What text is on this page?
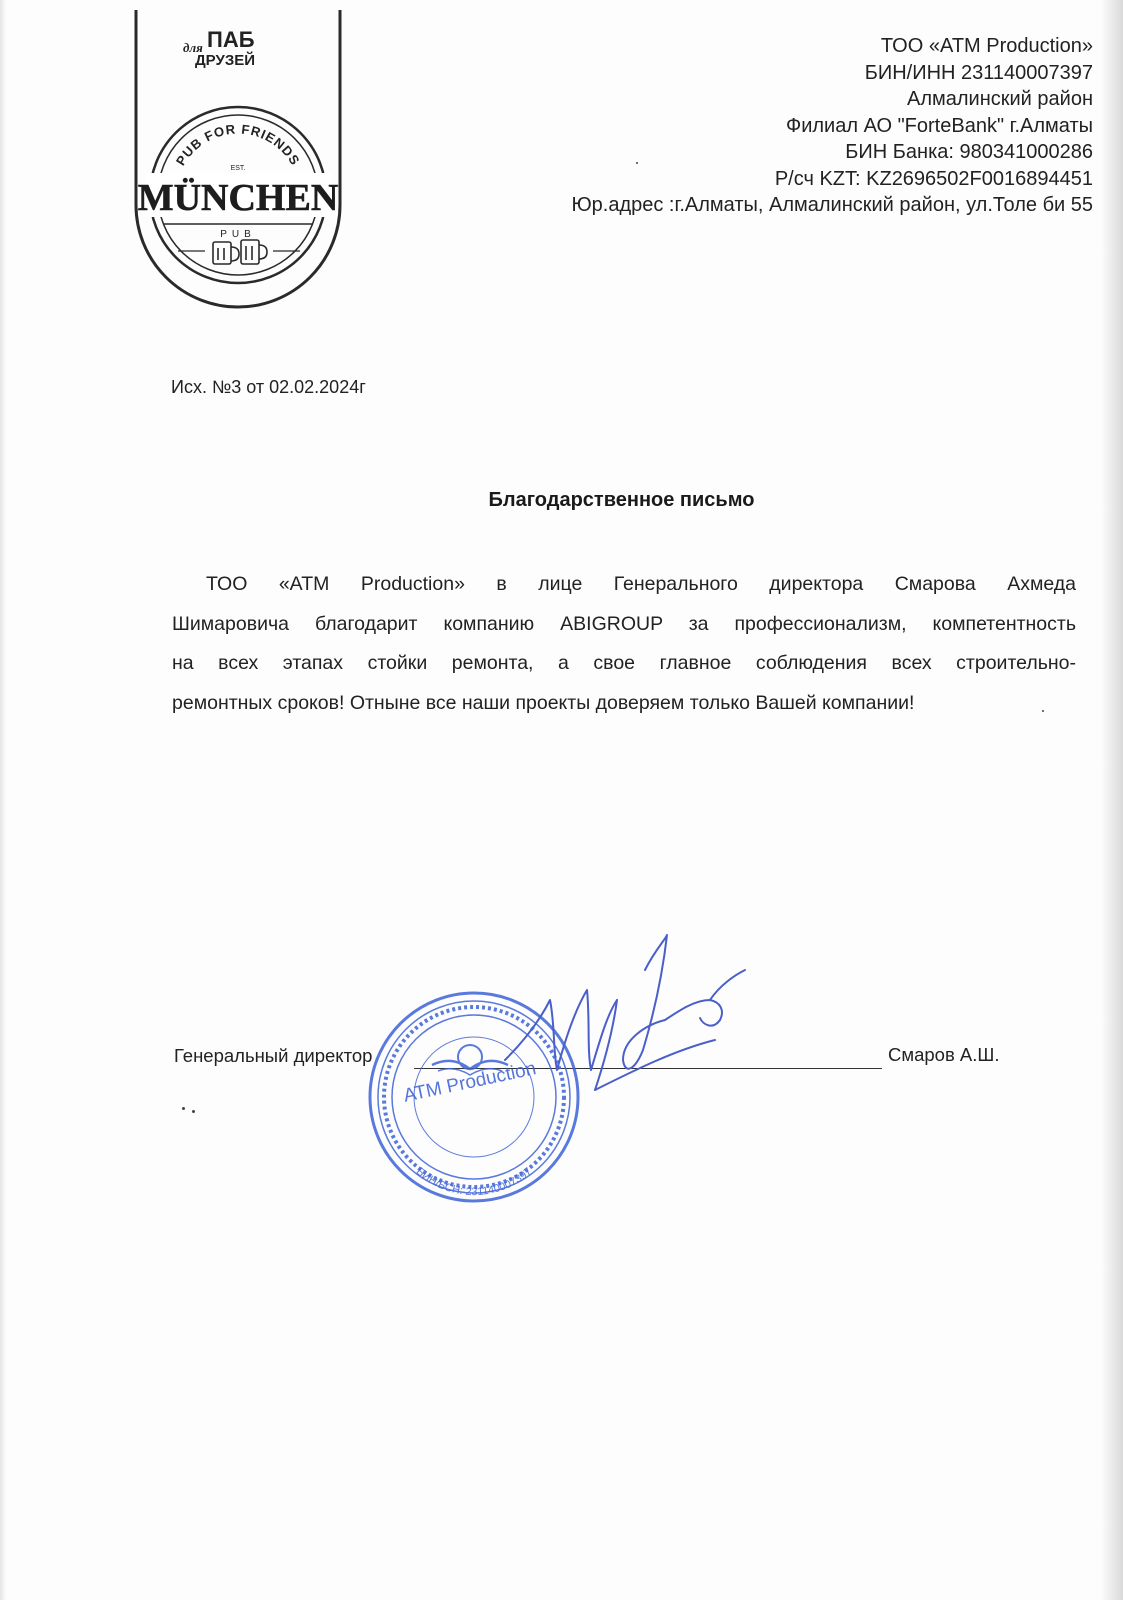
для ПАБ
ДРУЗЕЙ
PUB FOR FRIENDS
EST.
MÜNCHEN
PUB
ТОО «ATM Production»
БИН/ИНН 231140007397
Алмалинский район
Филиал АО "ForteBank" г.Алматы
БИН Банка: 980341000286
Р/сч KZT: KZ2696502F0016894451
Юр.адрес :г.Алматы, Алмалинский район, ул.Толе би 55
Исх. №3 от 02.02.2024г
Благодарственное письмо
ТОО «ATM Production» в лице Генерального директора Смарова Ахмеда
Шимаровича благодарит компанию ABIGROUP за профессионализм, компетентность
на всех этапах стойки ремонта, а свое главное соблюдения всех строительно-
ремонтных сроков! Отныне все наши проекты доверяем только Вашей компании!
Генеральный директор	Смаров А.Ш.
БИН/БСН: 231140007397
ATM Production
